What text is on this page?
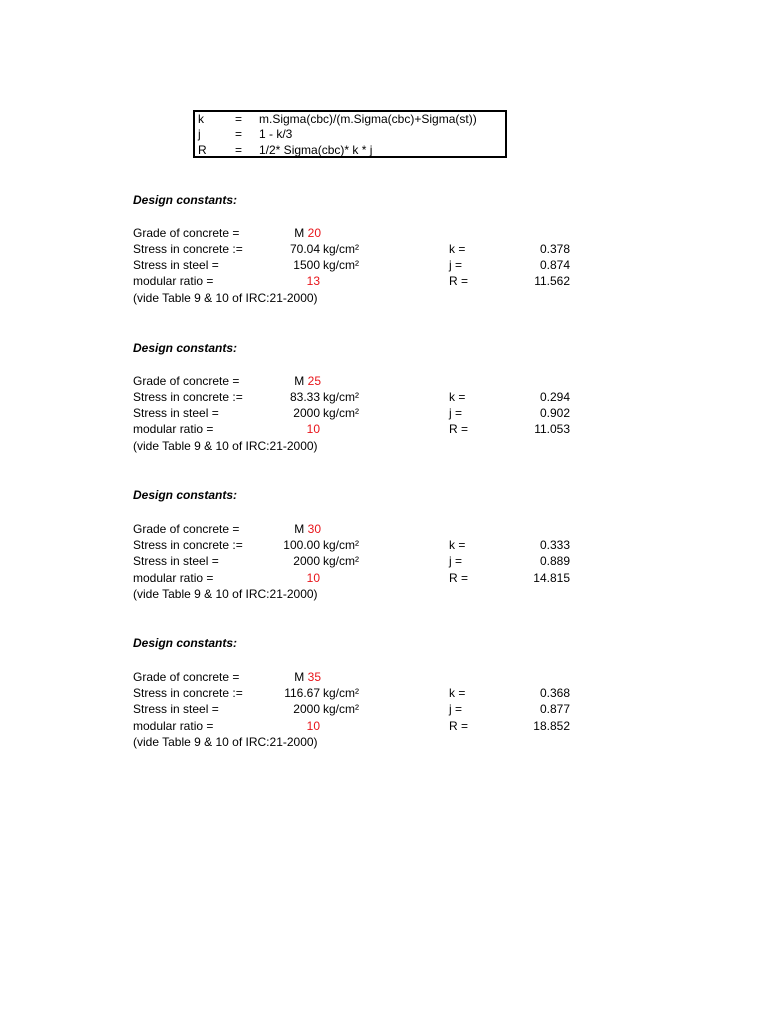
k	= m.Sigma(cbc)/(m.Sigma(cbc)+Sigma(st))
j	= 1 - k/3
R = 1/2* Sigma(cbc)* k * j
Design constants:
Grade of concrete =	M 20
Stress in concrete :=	70.04 kg/cm²	k =	0.378
Stress in steel =	1500 kg/cm²	j =	0.874
modular ratio =	13	R =	11.562
(vide Table 9 & 10 of IRC:21-2000)
Design constants:
Grade of concrete =	M 25
Stress in concrete :=	83.33 kg/cm²	k =	0.294
Stress in steel =	2000 kg/cm²	j =	0.902
modular ratio =	10	R =	11.053
(vide Table 9 & 10 of IRC:21-2000)
Design constants:
Grade of concrete =	M 30
Stress in concrete :=	100.00 kg/cm²	k =	0.333
Stress in steel =	2000 kg/cm²	j =	0.889
modular ratio =	10	R =	14.815
(vide Table 9 & 10 of IRC:21-2000)
Design constants:
Grade of concrete =	M 35
Stress in concrete :=	116.67 kg/cm²	k =	0.368
Stress in steel =	2000 kg/cm²	j =	0.877
modular ratio =	10	R =	18.852
(vide Table 9 & 10 of IRC:21-2000)
